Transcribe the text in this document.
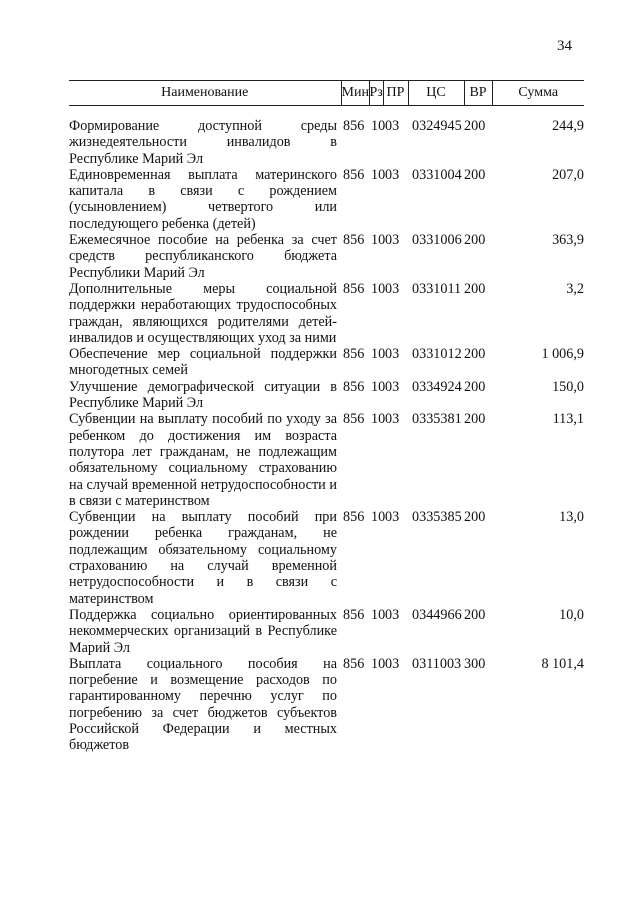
34
Наименование	Мин	Рз	ПР	ЦС	ВР	Сумма

Формирование доступной среды жизнедеятельности инвалидов в Республике Марий Эл	856	10	03	0324945	200	244,9
Единовременная выплата материнского капитала в связи с рождением (усыновлением) четвертого или последующего ребенка (детей)	856	10	03	0331004	200	207,0
Ежемесячное пособие на ребенка за счет средств республиканского бюджета Республики Марий Эл	856	10	03	0331006	200	363,9
Дополнительные меры социальной поддержки неработающих трудоспособных граждан, являющихся родителями детей-инвалидов и осуществляющих уход за ними	856	10	03	0331011	200	3,2
Обеспечение мер социальной поддержки многодетных семей	856	10	03	0331012	200	1 006,9
Улучшение демографической ситуации в Республике Марий Эл	856	10	03	0334924	200	150,0
Субвенции на выплату пособий по уходу за ребенком до достижения им возраста полутора лет гражданам, не подлежащим обязательному социальному страхованию на случай временной нетрудоспособности и в связи с материнством	856	10	03	0335381	200	113,1
Субвенции на выплату пособий при рождении ребенка гражданам, не подлежащим обязательному социальному страхованию на случай временной нетрудоспособности и в связи с материнством	856	10	03	0335385	200	13,0
Поддержка социально ориентированных некоммерческих организаций в Республике Марий Эл	856	10	03	0344966	200	10,0
Выплата социального пособия на погребение и возмещение расходов по гарантированному перечню услуг по погребению за счет бюджетов субъектов Российской Федерации и местных бюджетов	856	10	03	0311003	300	8 101,4
